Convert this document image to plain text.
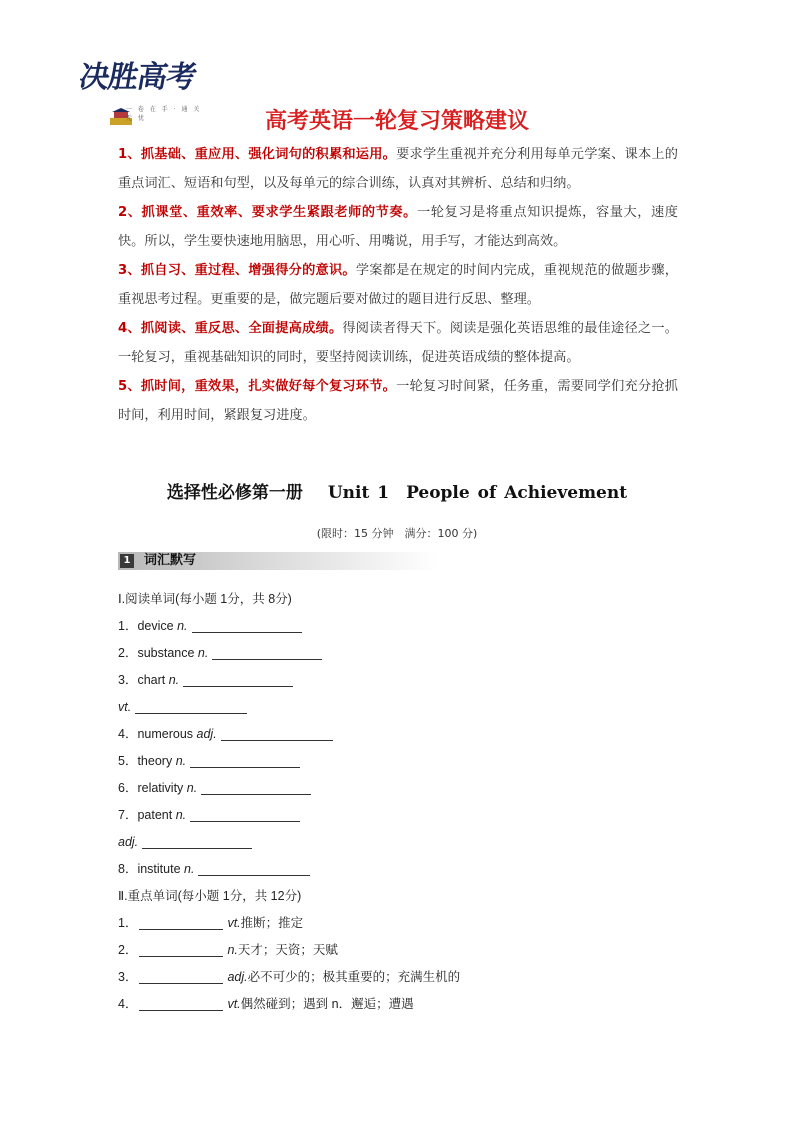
决胜高考
一 卷 在 手 · 通 关 无 忧	高考英语一轮复习策略建议

1、抓基础、重应用、强化词句的积累和运用。要求学生重视并充分利用每单元学案、课本上的重点词汇、短语和句型，以及每单元的综合训练，认真对其辨析、总结和归纳。

2、抓课堂、重效率、要求学生紧跟老师的节奏。一轮复习是将重点知识提炼，容量大，速度快。所以，学生要快速地用脑思，用心听、用嘴说，用手写，才能达到高效。

3、抓自习、重过程、增强得分的意识。学案都是在规定的时间内完成，重视规范的做题步骤，重视思考过程。更重要的是，做完题后要对做过的题目进行反思、整理。

4、抓阅读、重反思、全面提高成绩。得阅读者得天下。阅读是强化英语思维的最佳途径之一。一轮复习，重视基础知识的同时，要坚持阅读训练，促进英语成绩的整体提高。

5、抓时间，重效果，扎实做好每个复习环节。一轮复习时间紧，任务重，需要同学们充分抢抓时间，利用时间，紧跟复习进度。

选择性必修第一册　 Unit 1　People of Achievement
(限时：15 分钟　满分：100 分)
1 词汇默写
Ⅰ.阅读单词(每小题 1分，共 8分)
1．device n.
2．substance n.
3．chart n.
vt.
4．numerous adj.
5．theory n.
6．relativity n.
7．patent n.
adj.
8．institute n.
Ⅱ.重点单词(每小题 1分，共 12分)
1．	vt.推断；推定
2．	n.天才；天资；天赋
3．	adj.必不可少的；极其重要的；充满生机的
4．	vt.偶然碰到；遇到 n．邂逅；遭遇
